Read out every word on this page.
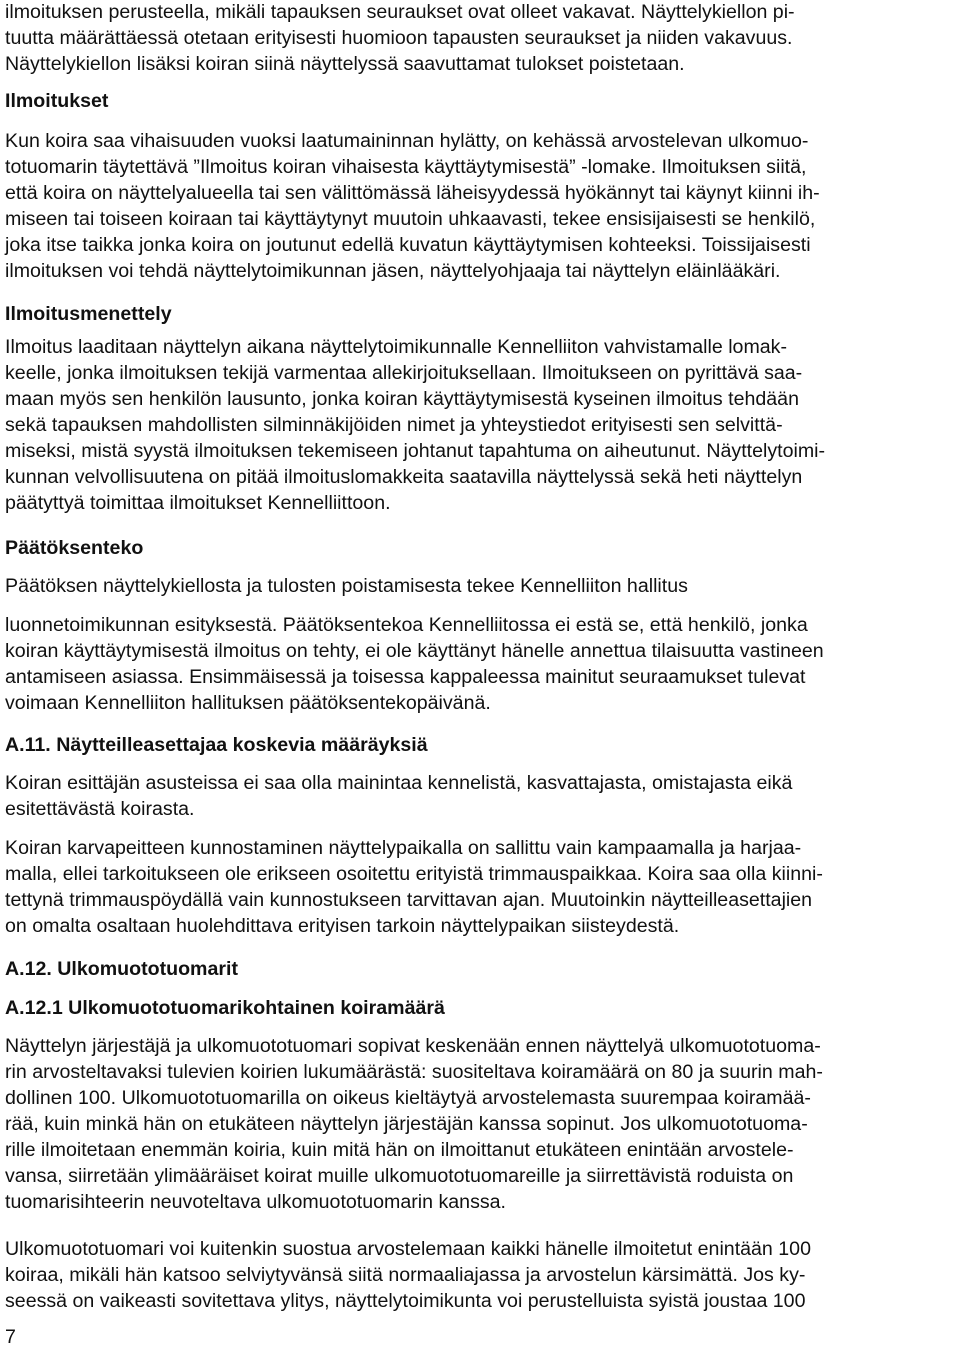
ilmoituksen perusteella, mikäli tapauksen seuraukset ovat olleet vakavat. Näyttelykiellon pi-
tuutta määrättäessä otetaan erityisesti huomioon tapausten seuraukset ja niiden vakavuus.
Näyttelykiellon lisäksi koiran siinä näyttelyssä saavuttamat tulokset poistetaan.
Ilmoitukset
Kun koira saa vihaisuuden vuoksi laatumaininnan hylätty, on kehässä arvostelevan ulkomuo-
totuomarin täytettävä ”Ilmoitus koiran vihaisesta käyttäytymisestä” -lomake. Ilmoituksen siitä,
että koira on näyttelyalueella tai sen välittömässä läheisyydessä hyökännyt tai käynyt kiinni ih-
miseen tai toiseen koiraan tai käyttäytynyt muutoin uhkaavasti, tekee ensisijaisesti se henkilö,
joka itse taikka jonka koira on joutunut edellä kuvatun käyttäytymisen kohteeksi. Toissijaisesti
ilmoituksen voi tehdä näyttelytoimikunnan jäsen, näyttelyohjaaja tai näyttelyn eläinlääkäri.
Ilmoitusmenettely
Ilmoitus laaditaan näyttelyn aikana näyttelytoimikunnalle Kennelliiton vahvistamalle lomak-
keelle, jonka ilmoituksen tekijä varmentaa allekirjoituksellaan. Ilmoitukseen on pyrittävä saa-
maan myös sen henkilön lausunto, jonka koiran käyttäytymisestä kyseinen ilmoitus tehdään
sekä tapauksen mahdollisten silminnäkijöiden nimet ja yhteystiedot erityisesti sen selvittä-
miseksi, mistä syystä ilmoituksen tekemiseen johtanut tapahtuma on aiheutunut. Näyttelytoimi-
kunnan velvollisuutena on pitää ilmoituslomakkeita saatavilla näyttelyssä sekä heti näyttelyn
päätyttyä toimittaa ilmoitukset Kennelliittoon.
Päätöksenteko
Päätöksen näyttelykiellosta ja tulosten poistamisesta tekee Kennelliiton hallitus
luonnetoimikunnan esityksestä. Päätöksentekoa Kennelliitossa ei estä se, että henkilö, jonka
koiran käyttäytymisestä ilmoitus on tehty, ei ole käyttänyt hänelle annettua tilaisuutta vastineen
antamiseen asiassa. Ensimmäisessä ja toisessa kappaleessa mainitut seuraamukset tulevat
voimaan Kennelliiton hallituksen päätöksentekopäivänä.
A.11. Näytteilleasettajaa koskevia määräyksiä
Koiran esittäjän asusteissa ei saa olla mainintaa kennelistä, kasvattajasta, omistajasta eikä
esitettävästä koirasta.
Koiran karvapeitteen kunnostaminen näyttelypaikalla on sallittu vain kampaamalla ja harjaa-
malla, ellei tarkoitukseen ole erikseen osoitettu erityistä trimmauspaikkaa. Koira saa olla kiinni-
tettynä trimmauspöydällä vain kunnostukseen tarvittavan ajan. Muutoinkin näytteilleasettajien
on omalta osaltaan huolehdittava erityisen tarkoin näyttelypaikan siisteydestä.
A.12. Ulkomuototuomarit
A.12.1 Ulkomuototuomarikohtainen koiramäärä
Näyttelyn järjestäjä ja ulkomuototuomari sopivat keskenään ennen näyttelyä ulkomuototuoma-
rin arvosteltavaksi tulevien koirien lukumäärästä: suositeltava koiramäärä on 80 ja suurin mah-
dollinen 100. Ulkomuototuomarilla on oikeus kieltäytyä arvostelemasta suurempaa koiramää-
rää, kuin minkä hän on etukäteen näyttelyn järjestäjän kanssa sopinut. Jos ulkomuototuoma-
rille ilmoitetaan enemmän koiria, kuin mitä hän on ilmoittanut etukäteen enintään arvostele-
vansa, siirretään ylimääräiset koirat muille ulkomuototuomareille ja siirrettävistä roduista on
tuomarisihteerin neuvoteltava ulkomuototuomarin kanssa.
Ulkomuototuomari voi kuitenkin suostua arvostelemaan kaikki hänelle ilmoitetut enintään 100
koiraa, mikäli hän katsoo selviytyvänsä siitä normaaliajassa ja arvostelun kärsimättä. Jos ky-
seessä on vaikeasti sovitettava ylitys, näyttelytoimikunta voi perustelluista syistä joustaa 100
7
